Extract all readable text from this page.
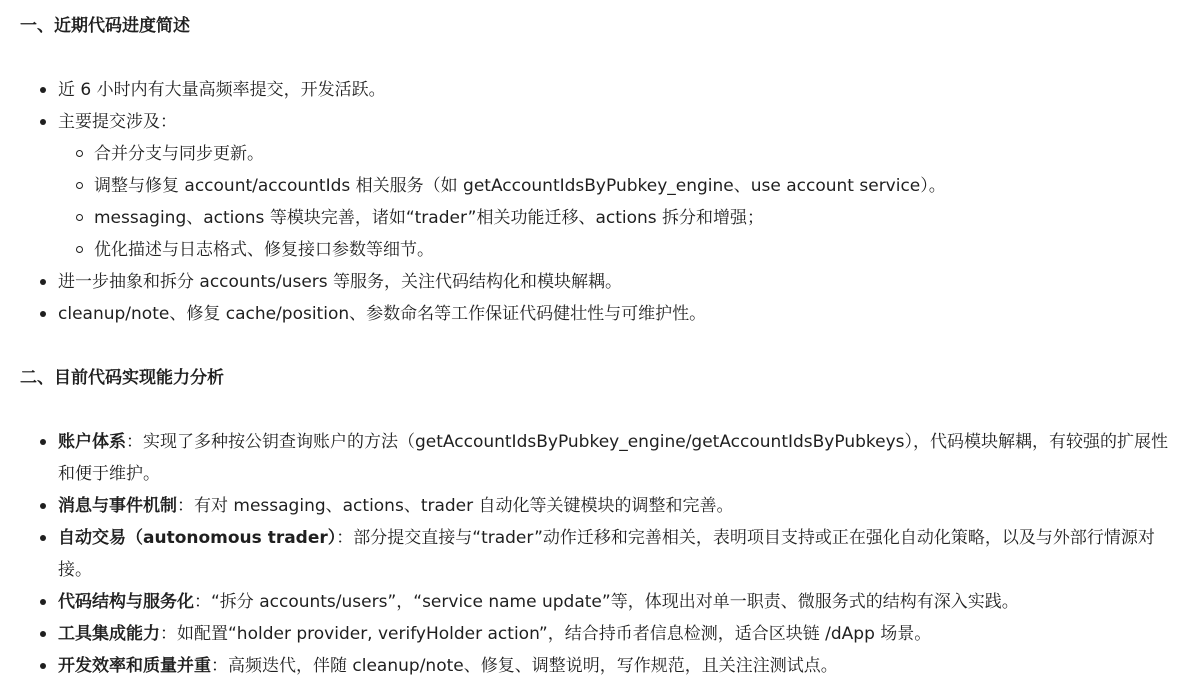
一、近期代码进度简述
近 6 小时内有大量高频率提交，开发活跃。
主要提交涉及：
合并分支与同步更新。
调整与修复 account/accountIds 相关服务（如 getAccountIdsByPubkey_engine、use account service）。
messaging、actions 等模块完善，诸如“trader”相关功能迁移、actions 拆分和增强；
优化描述与日志格式、修复接口参数等细节。
进一步抽象和拆分 accounts/users 等服务，关注代码结构化和模块解耦。
cleanup/note、修复 cache/position、参数命名等工作保证代码健壮性与可维护性。
二、目前代码实现能力分析
账户体系：实现了多种按公钥查询账户的方法（getAccountIdsByPubkey_engine/getAccountIdsByPubkeys），代码模块解耦，有较强的扩展性和便于维护。
消息与事件机制：有对 messaging、actions、trader 自动化等关键模块的调整和完善。
自动交易（autonomous trader）：部分提交直接与“trader”动作迁移和完善相关，表明项目支持或正在强化自动化策略，以及与外部行情源对接。
代码结构与服务化：“拆分 accounts/users”，“service name update”等，体现出对单一职责、微服务式的结构有深入实践。
工具集成能力：如配置“holder provider, verifyHolder action”，结合持币者信息检测，适合区块链 /dApp 场景。
开发效率和质量并重：高频迭代，伴随 cleanup/note、修复、调整说明，写作规范，且关注注测试点。
